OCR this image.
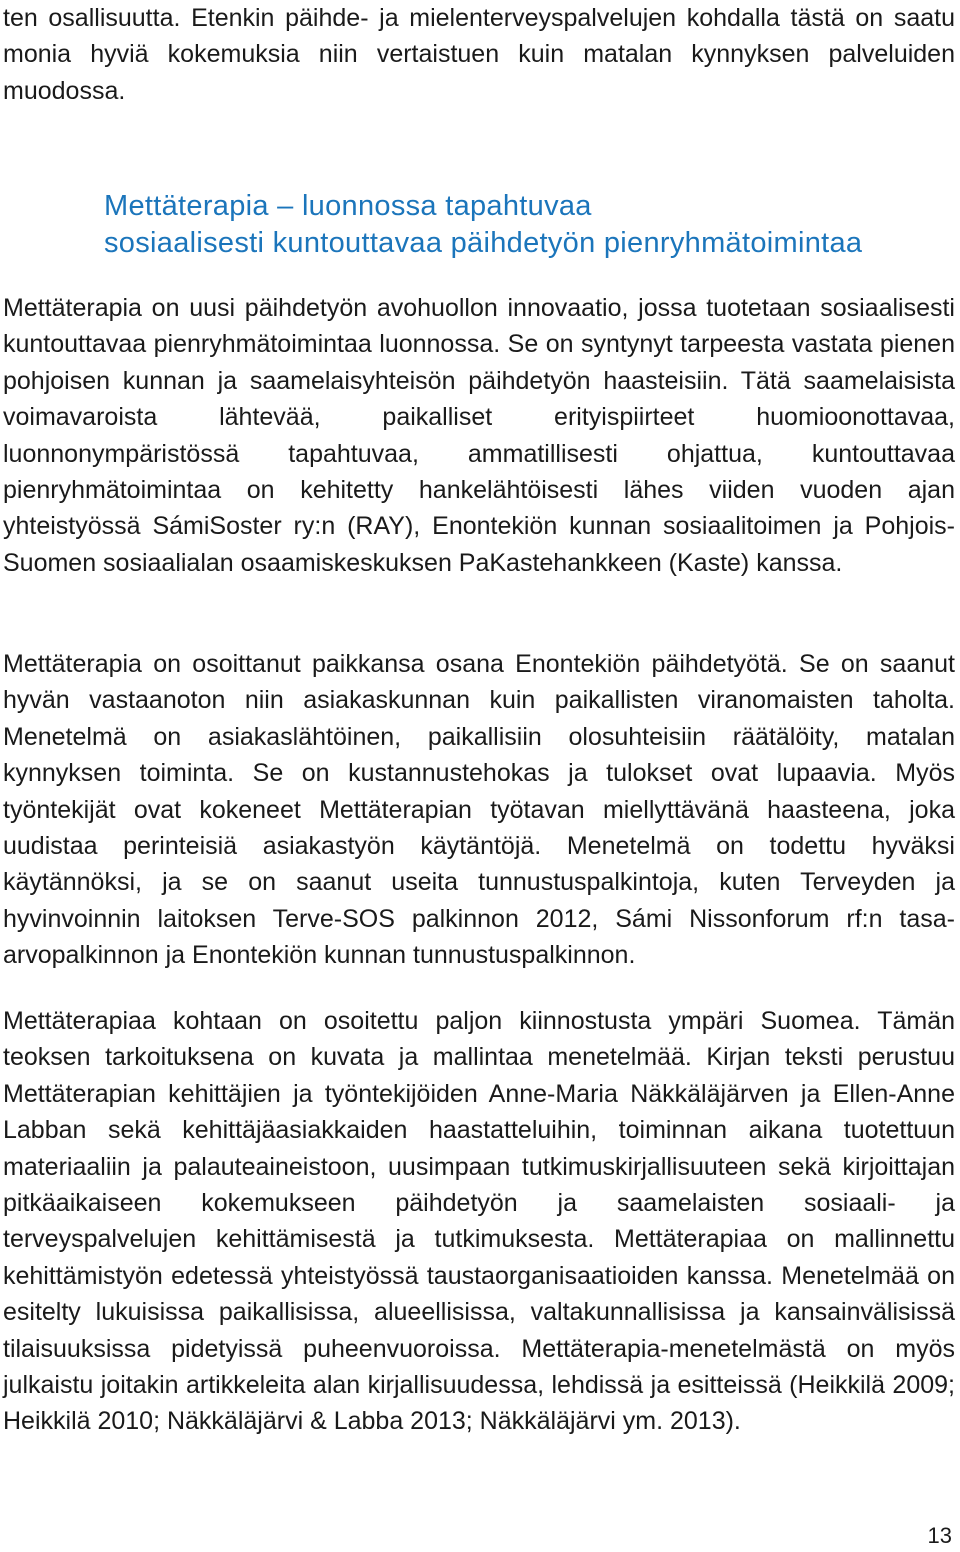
ten osallisuutta. Etenkin päihde- ja mielenterveyspalvelujen kohdalla tästä on saatu monia hyviä kokemuksia niin vertaistuen kuin matalan kynnyksen palveluiden muodossa.

Mettäterapia – luonnossa tapahtuvaa
sosiaalisesti kuntouttavaa päihdetyön pienryhmätoimintaa

Mettäterapia on uusi päihdetyön avohuollon innovaatio, jossa tuotetaan sosiaalisesti kuntouttavaa pienryhmätoimintaa luonnossa. Se on syntynyt tarpeesta vastata pienen pohjoisen kunnan ja saamelaisyhteisön päihdetyön haasteisiin. Tätä saamelaisista voimavaroista lähtevää, paikalliset erityispiirteet huomioonottavaa, luonnonympäristössä tapahtuvaa, ammatillisesti ohjattua, kuntouttavaa pienryhmätoimintaa on kehitetty hankelähtöisesti lähes viiden vuoden ajan yhteistyössä SámiSoster ry:n (RAY), Enontekiön kunnan sosiaalitoimen ja Pohjois-Suomen sosiaalialan osaamiskeskuksen PaKastehankkeen (Kaste) kanssa.

Mettäterapia on osoittanut paikkansa osana Enontekiön päihdetyötä. Se on saanut hyvän vastaanoton niin asiakaskunnan kuin paikallisten viranomaisten taholta. Menetelmä on asiakaslähtöinen, paikallisiin olosuhteisiin räätälöity, matalan kynnyksen toiminta. Se on kustannustehokas ja tulokset ovat lupaavia. Myös työntekijät ovat kokeneet Mettäterapian työtavan miellyttävänä haasteena, joka uudistaa perinteisiä asiakastyön käytäntöjä. Menetelmä on todettu hyväksi käytännöksi, ja se on saanut useita tunnustuspalkintoja, kuten Terveyden ja hyvinvoinnin laitoksen Terve-SOS palkinnon 2012, Sámi Nissonforum rf:n tasa-arvopalkinnon ja Enontekiön kunnan tunnustuspalkinnon.

Mettäterapiaa kohtaan on osoitettu paljon kiinnostusta ympäri Suomea. Tämän teoksen tarkoituksena on kuvata ja mallintaa menetelmää. Kirjan teksti perustuu Mettäterapian kehittäjien ja työntekijöiden Anne-Maria Näkkäläjärven ja Ellen-Anne Labban sekä kehittäjäasiakkaiden haastatteluihin, toiminnan aikana tuotettuun materiaaliin ja palauteaineistoon, uusimpaan tutkimuskirjallisuuteen sekä kirjoittajan pitkäaikaiseen kokemukseen päihdetyön ja saamelaisten sosiaali- ja terveyspalvelujen kehittämisestä ja tutkimuksesta. Mettäterapiaa on mallinnettu kehittämistyön edetessä yhteistyössä taustaorganisaatioiden kanssa. Menetelmää on esitelty lukuisissa paikallisissa, alueellisissa, valtakunnallisissa ja kansainvälisissä tilaisuuksissa pidetyissä puheenvuoroissa. Mettäterapia-menetelmästä on myös julkaistu joitakin artikkeleita alan kirjallisuudessa, lehdissä ja esitteissä (Heikkilä 2009; Heikkilä 2010; Näkkäläjärvi & Labba 2013; Näkkäläjärvi ym. 2013).

13
